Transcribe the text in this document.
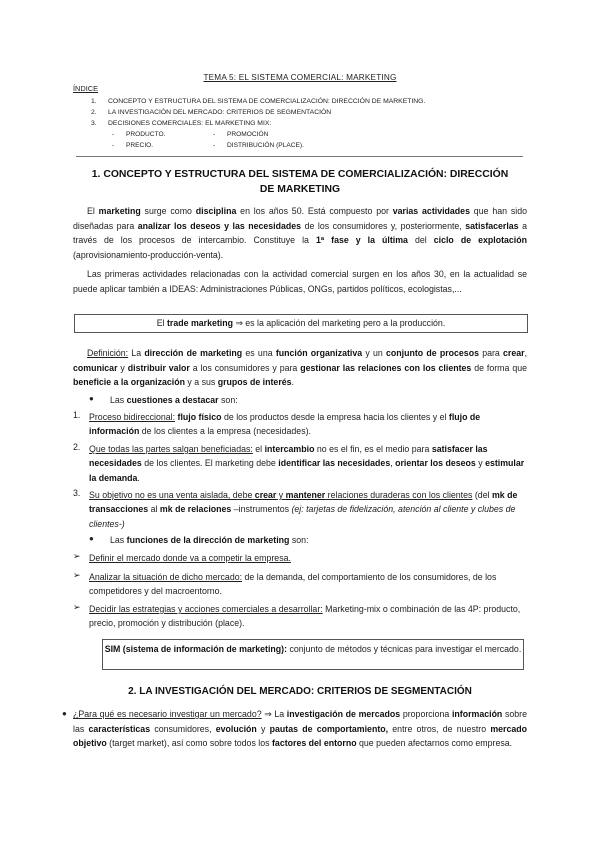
TEMA 5: EL SISTEMA COMERCIAL: MARKETING
ÍNDICE
1. CONCEPTO Y ESTRUCTURA DEL SISTEMA DE COMERCIALIZACIÓN: DIRECCIÓN DE MARKETING.
2. LA INVESTIGACIÓN DEL MERCADO: CRITERIOS DE SEGMENTACIÓN
3. DECISIONES COMERCIALES: EL MARKETING MIX:
- PRODUCTO.
- PRECIO.
- PROMOCIÓN
- DISTRIBUCIÓN (PLACE).
1. CONCEPTO Y ESTRUCTURA DEL SISTEMA DE COMERCIALIZACIÓN: DIRECCIÓN
DE MARKETING
El marketing surge como disciplina en los años 50. Está compuesto por varias actividades que han sido diseñadas para analizar los deseos y las necesidades de los consumidores y, posteriormente, satisfacerlas a través de los procesos de intercambio. Constituye la 1ª fase y la última del ciclo de explotación (aprovisionamiento-producción-venta).
Las primeras actividades relacionadas con la actividad comercial surgen en los años 30, en la actualidad se puede aplicar también a IDEAS: Administraciones Públicas, ONGs, partidos políticos, ecologistas,...
El trade marketing ⇒ es la aplicación del marketing pero a la producción.
Definición: La dirección de marketing es una función organizativa y un conjunto de procesos para crear, comunicar y distribuir valor a los consumidores y para gestionar las relaciones con los clientes de forma que beneficie a la organización y a sus grupos de interés.
● Las cuestiones a destacar son:
1. Proceso bidireccional: flujo físico de los productos desde la empresa hacia los clientes y el flujo de información de los clientes a la empresa (necesidades).
2. Que todas las partes salgan beneficiadas: el intercambio no es el fin, es el medio para satisfacer las necesidades de los clientes. El marketing debe identificar las necesidades, orientar los deseos y estimular la demanda.
3. Su objetivo no es una venta aislada, debe crear y mantener relaciones duraderas con los clientes (del mk de transacciones al mk de relaciones –instrumentos (ej: tarjetas de fidelización, atención al cliente y clubes de clientes-)
● Las funciones de la dirección de marketing son:
➢ Definir el mercado donde va a competir la empresa.
➢ Analizar la situación de dicho mercado: de la demanda, del comportamiento de los consumidores, de los competidores y del macroentorno.
➢ Decidir las estrategias y acciones comerciales a desarrollar: Marketing-mix o combinación de las 4P: producto, precio, promoción y distribución (place).
SIM (sistema de información de marketing): conjunto de métodos y técnicas para investigar el mercado.
2. LA INVESTIGACIÓN DEL MERCADO: CRITERIOS DE SEGMENTACIÓN
● ¿Para qué es necesario investigar un mercado? ⇒ La investigación de mercados proporciona información sobre las características consumidores, evolución y pautas de comportamiento, entre otros, de nuestro mercado objetivo (target market), así como sobre todos los factores del entorno que pueden afectarnos como empresa.
